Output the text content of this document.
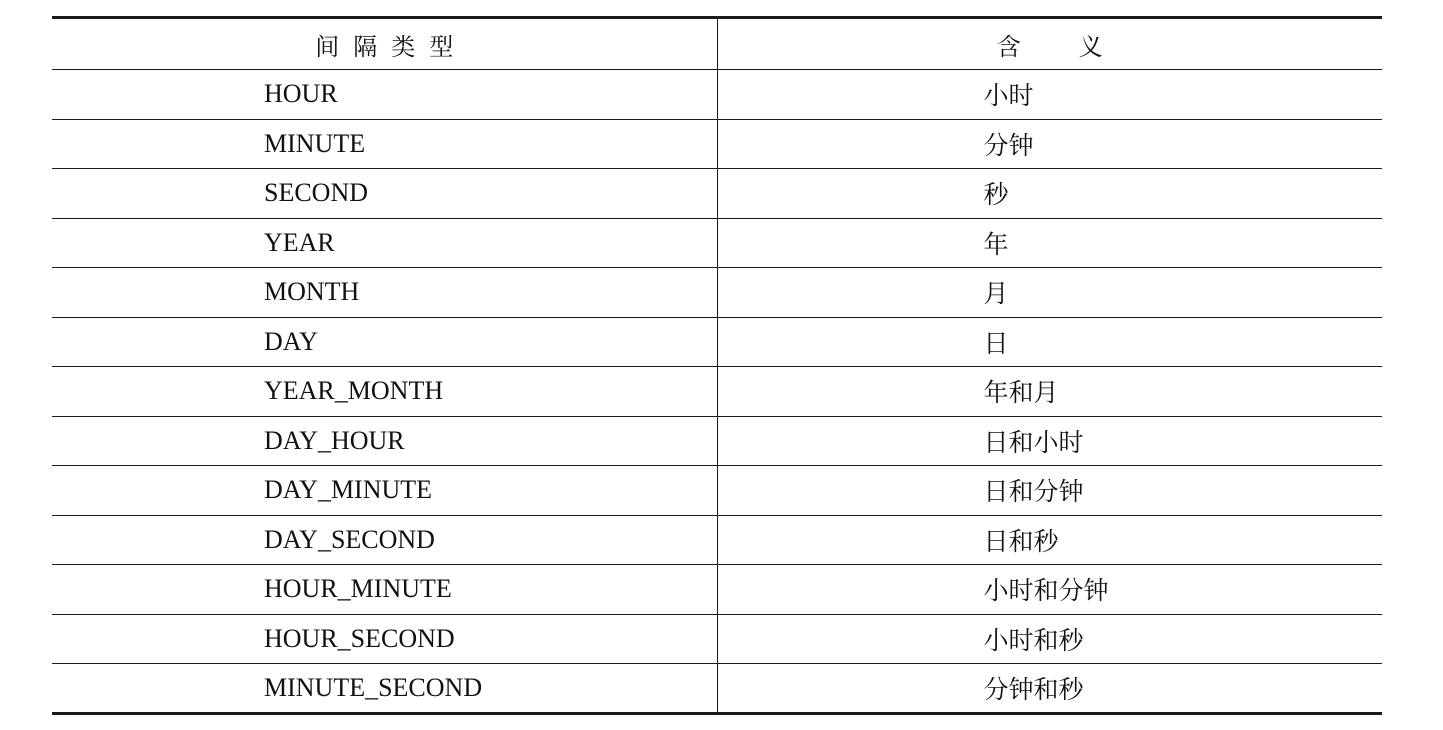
间隔类型	含义
HOUR	小时
MINUTE	分钟
SECOND	秒
YEAR	年
MONTH	月
DAY	日
YEAR_MONTH	年和月
DAY_HOUR	日和小时
DAY_MINUTE	日和分钟
DAY_SECOND	日和秒
HOUR_MINUTE	小时和分钟
HOUR_SECOND	小时和秒
MINUTE_SECOND	分钟和秒
